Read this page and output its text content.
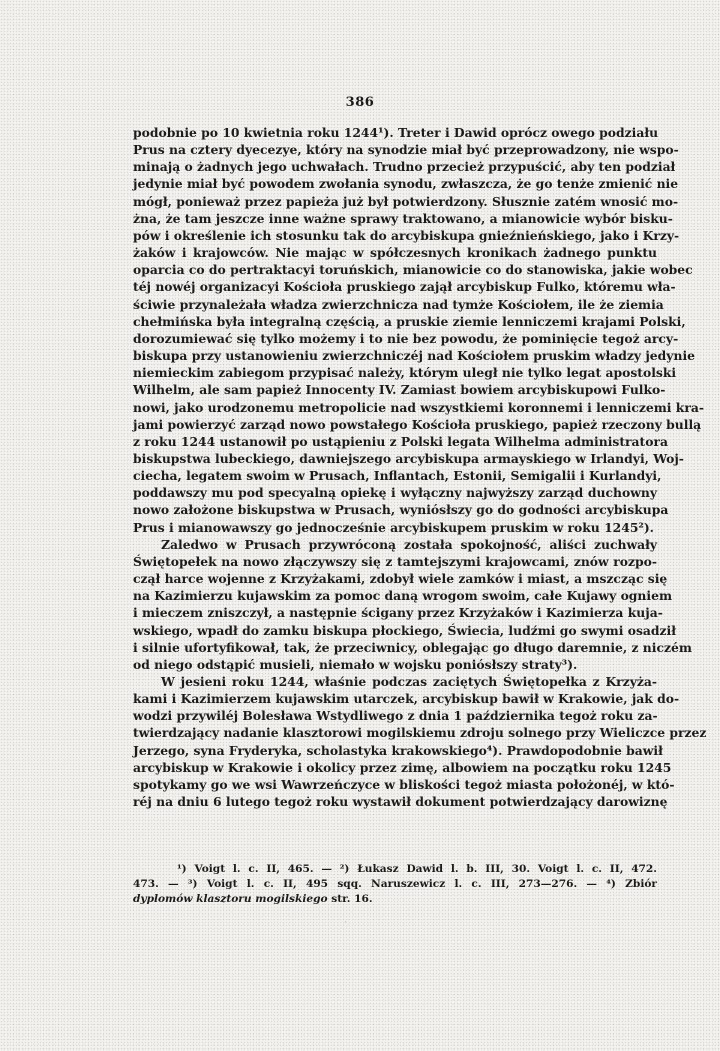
386
podobnie po 10 kwietnia roku 1244¹). Treter i Dawid oprócz owego podziału
Prus na cztery dyecezye, który na synodzie miał być przeprowadzony, nie wspo-
minają o żadnych jego uchwałach. Trudno przecież przypuścić, aby ten podział
jedynie miał być powodem zwołania synodu, zwłaszcza, że go tenże zmienić nie
mógł, ponieważ przez papieża już był potwierdzony. Słusznie zatém wnosić mo-
żna, że tam jeszcze inne ważne sprawy traktowano, a mianowicie wybór bisku-
pów i określenie ich stosunku tak do arcybiskupa gnieźnieńskiego, jako i Krzy-
żaków i krajowców. Nie mając w spółczesnych kronikach żadnego punktu
oparcia co do pertraktacyi toruńskich, mianowicie co do stanowiska, jakie wobec
téj nowéj organizacyi Kościoła pruskiego zajął arcybiskup Fulko, któremu wła-
ściwie przynależała władza zwierzchnicza nad tymże Kościołem, ile że ziemia
chełmińska była integralną częścią, a pruskie ziemie lenniczemi krajami Polski,
dorozumiewać się tylko możemy i to nie bez powodu, że pominięcie tegoż arcy-
biskupa przy ustanowieniu zwierzchniczéj nad Kościołem pruskim władzy jedynie
niemieckim zabiegom przypisać należy, którym uległ nie tylko legat apostolski
Wilhelm, ale sam papież Innocenty IV. Zamiast bowiem arcybiskupowi Fulko-
nowi, jako urodzonemu metropolicie nad wszystkiemi koronnemi i lenniczemi kra-
jami powierzyć zarząd nowo powstałego Kościoła pruskiego, papież rzeczony bullą
z roku 1244 ustanowił po ustąpieniu z Polski legata Wilhelma administratora
biskupstwa lubeckiego, dawniejszego arcybiskupa armayskiego w Irlandyi, Woj-
ciecha, legatem swoim w Prusach, Inflantach, Estonii, Semigalii i Kurlandyi,
poddawszy mu pod specyalną opiekę i wyłączny najwyższy zarząd duchowny
nowo założone biskupstwa w Prusach, wyniósłszy go do godności arcybiskupa
Prus i mianowawszy go jednocześnie arcybiskupem pruskim w roku 1245²).
Zaledwo w Prusach przywróconą została spokojność, aliści zuchwały
Świętopełek na nowo złączywszy się z tamtejszymi krajowcami, znów rozpo-
czął harce wojenne z Krzyżakami, zdobył wiele zamków i miast, a mszcząc się
na Kazimierzu kujawskim za pomoc daną wrogom swoim, całe Kujawy ogniem
i mieczem zniszczył, a następnie ścigany przez Krzyżaków i Kazimierza kuja-
wskiego, wpadł do zamku biskupa płockiego, Świecia, ludźmi go swymi osadził
i silnie ufortyfikował, tak, że przeciwnicy, oblegając go długo daremnie, z niczém
od niego odstąpić musieli, niemało w wojsku poniósłszy straty³).
W jesieni roku 1244, właśnie podczas zaciętych Świętopełka z Krzyża-
kami i Kazimierzem kujawskim utarczek, arcybiskup bawił w Krakowie, jak do-
wodzi przywiléj Bolesława Wstydliwego z dnia 1 października tegoż roku za-
twierdzający nadanie klasztorowi mogilskiemu zdroju solnego przy Wieliczce przez
Jerzego, syna Fryderyka, scholastyka krakowskiego⁴). Prawdopodobnie bawił
arcybiskup w Krakowie i okolicy przez zimę, albowiem na początku roku 1245
spotykamy go we wsi Wawrzeńczyce w bliskości tegoż miasta położonéj, w któ-
réj na dniu 6 lutego tegoż roku wystawił dokument potwierdzający darowiznę
¹) Voigt l. c. II, 465. — ²) Łukasz Dawid l. b. III, 30. Voigt l. c. II, 472.
473. — ³) Voigt l. c. II, 495 sqq. Naruszewicz l. c. III, 273—276. — ⁴) Zbiór
dyplomów klasztoru mogilskiego str. 16.
·
